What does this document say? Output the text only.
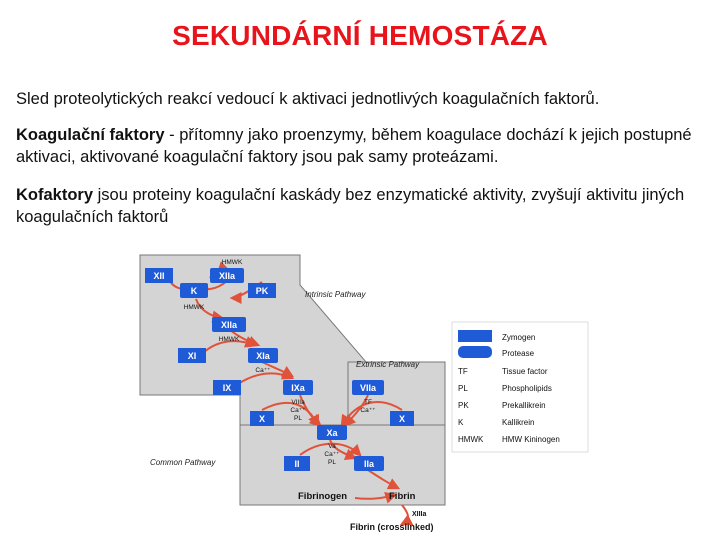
SEKUNDÁRNÍ HEMOSTÁZA
Sled proteolytických reakcí vedoucí k aktivaci jednotlivých koagulačních faktorů.
Koagulační faktory - přítomny jako proenzymy, během koagulace dochází k jejich postupné aktivaci, aktivované koagulační faktory jsou pak samy proteázami.
Kofaktory jsou proteiny koagulační kaskády bez enzymatické aktivity, zvyšují aktivitu jiných koagulačních faktorů
Intrinsic Pathway
Extrinsic Pathway
Common Pathway
XII	XIIa
K	PK
XIIa
XI	XIa
IX	IXa	VIIa
X	X
Xa
II	IIa
HMWK
HMWK
HMWK
Ca⁺⁺
VIIIa
Ca⁺⁺
PL
TF
Ca⁺⁺
Va
Ca⁺⁺
PL
Fibrinogen	Fibrin
XIIIa
Fibrin (crosslinked)
Zymogen
Protease
TF	Tissue factor
PL	Phospholipids
PK	Prekallikrein
K	Kallikrein
HMWK HMW Kininogen
